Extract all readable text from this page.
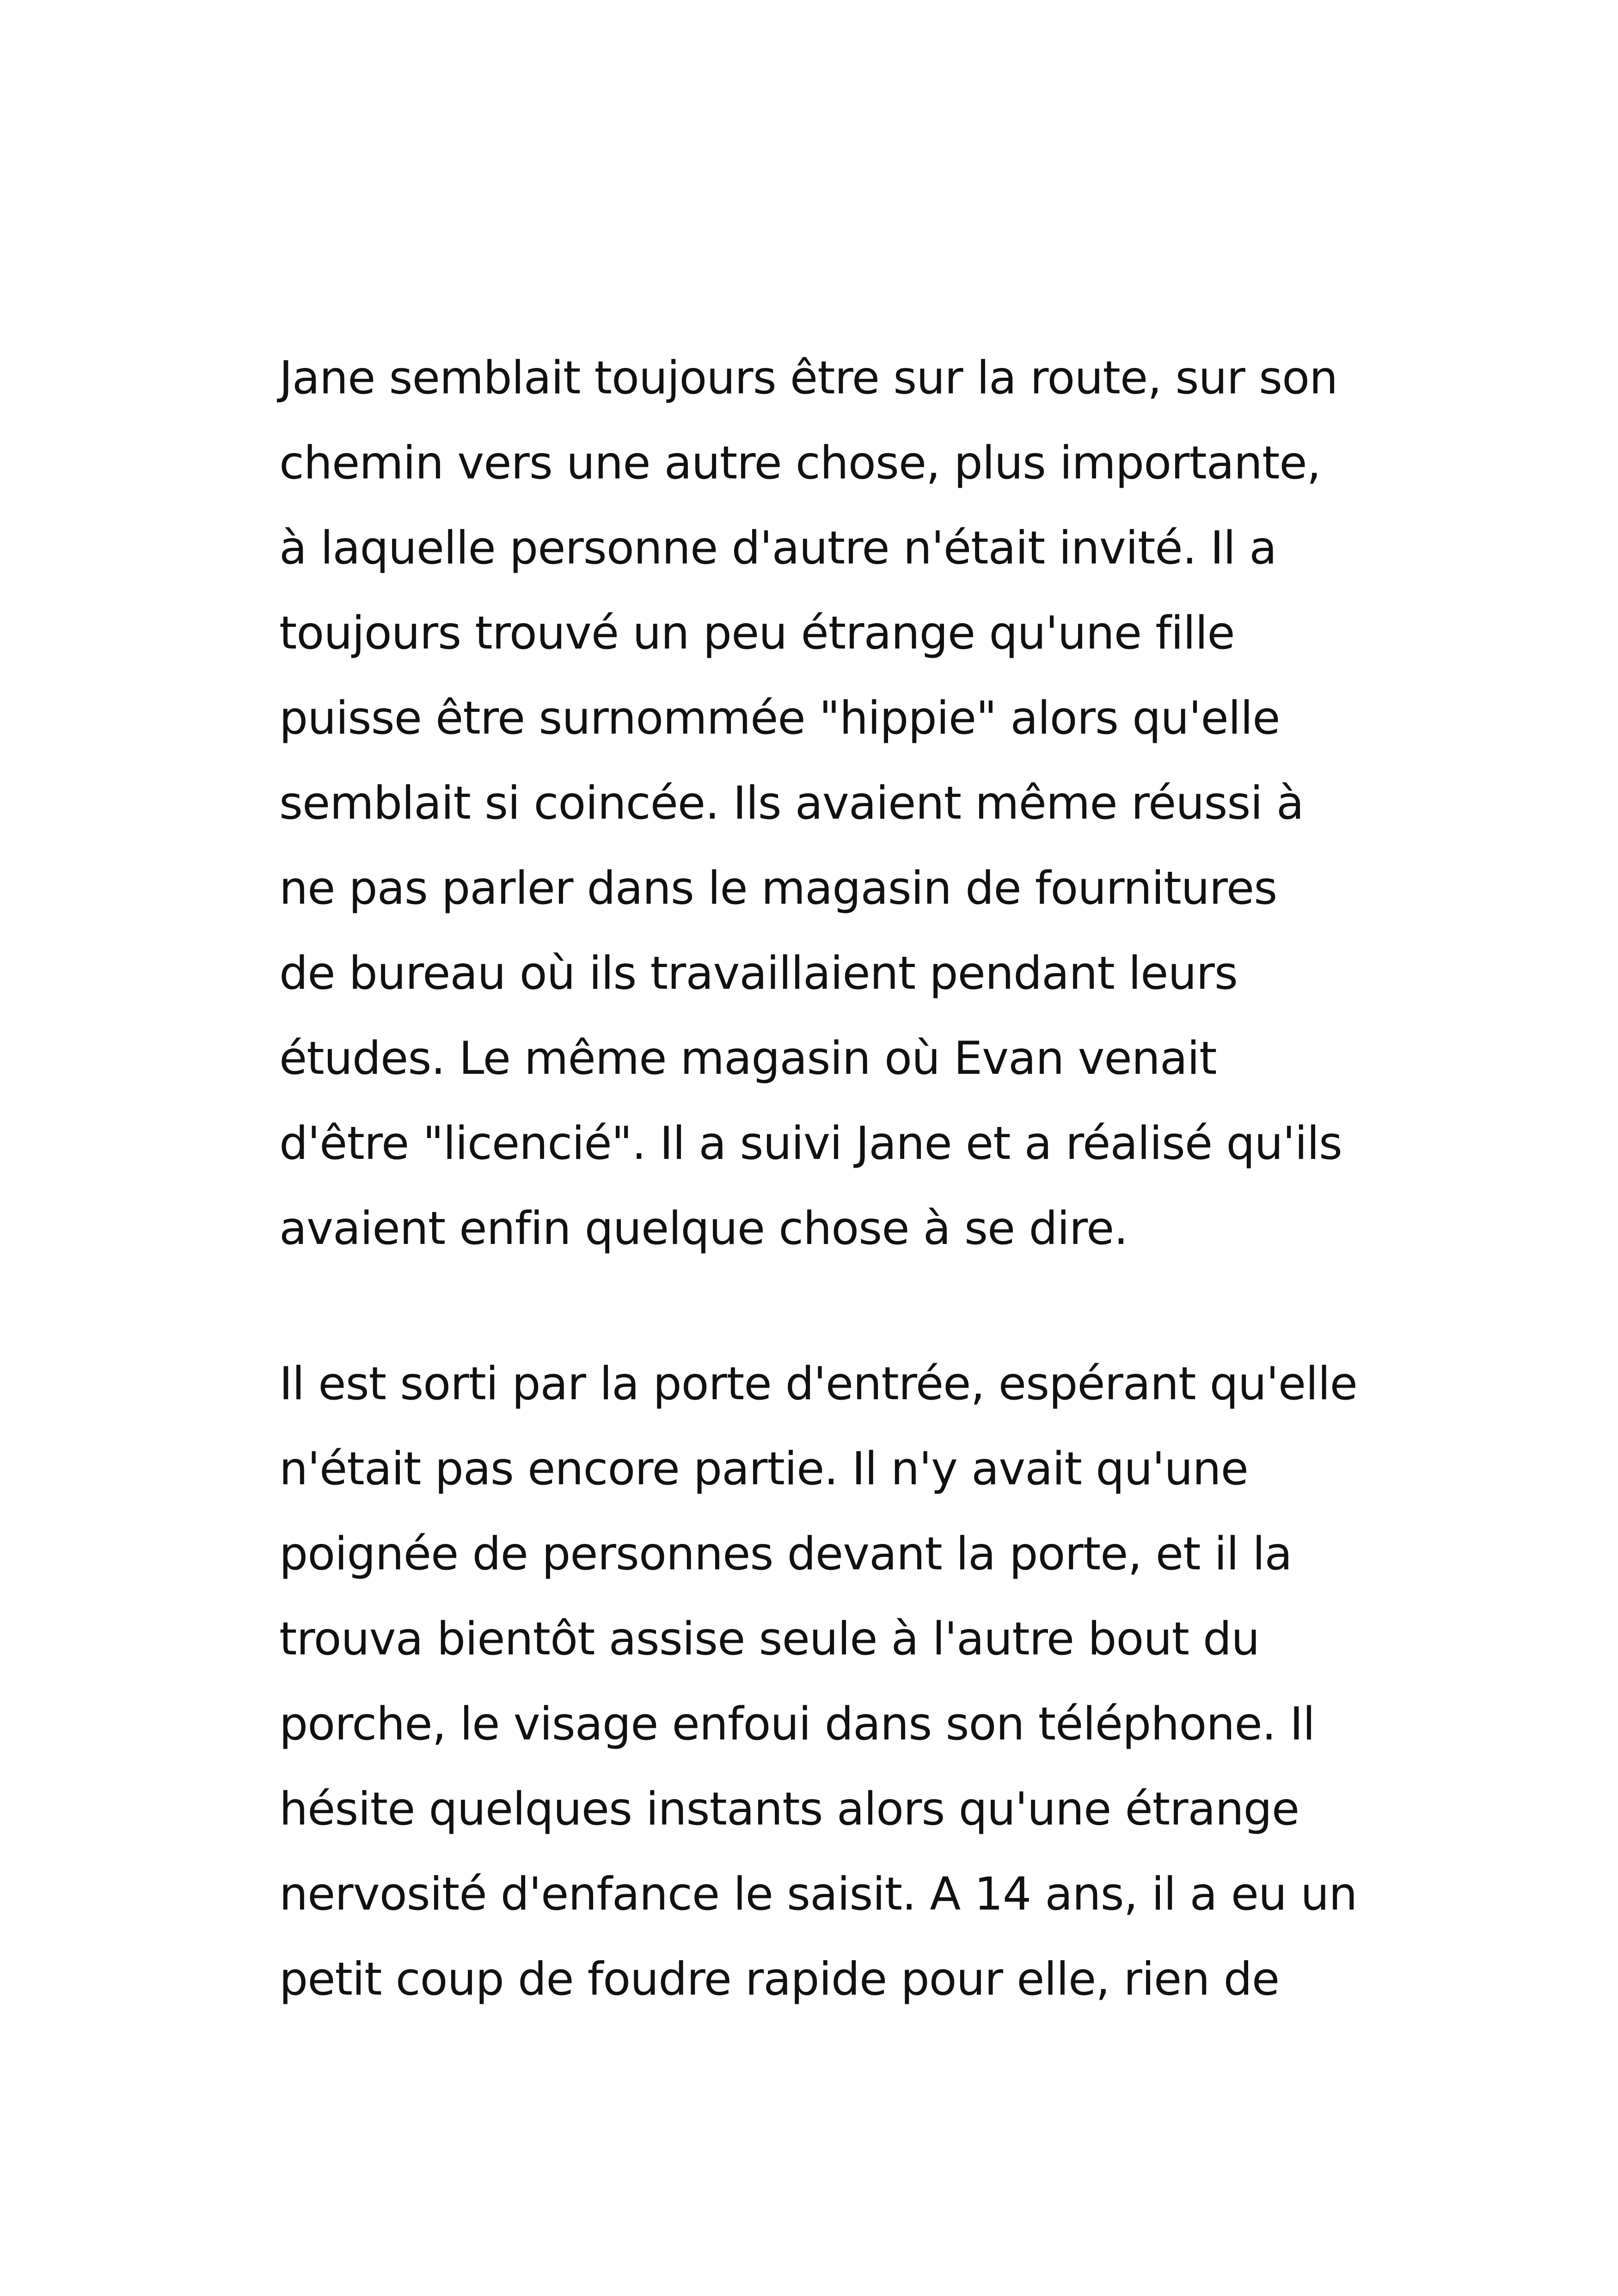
Jane semblait toujours être sur la route, sur son
chemin vers une autre chose, plus importante,
à laquelle personne d'autre n'était invité. Il a
toujours trouvé un peu étrange qu'une fille
puisse être surnommée "hippie" alors qu'elle
semblait si coincée. Ils avaient même réussi à
ne pas parler dans le magasin de fournitures
de bureau où ils travaillaient pendant leurs
études. Le même magasin où Evan venait
d'être "licencié". Il a suivi Jane et a réalisé qu'ils
avaient enfin quelque chose à se dire.
Il est sorti par la porte d'entrée, espérant qu'elle
n'était pas encore partie. Il n'y avait qu'une
poignée de personnes devant la porte, et il la
trouva bientôt assise seule à l'autre bout du
porche, le visage enfoui dans son téléphone. Il
hésite quelques instants alors qu'une étrange
nervosité d'enfance le saisit. A 14 ans, il a eu un
petit coup de foudre rapide pour elle, rien de
